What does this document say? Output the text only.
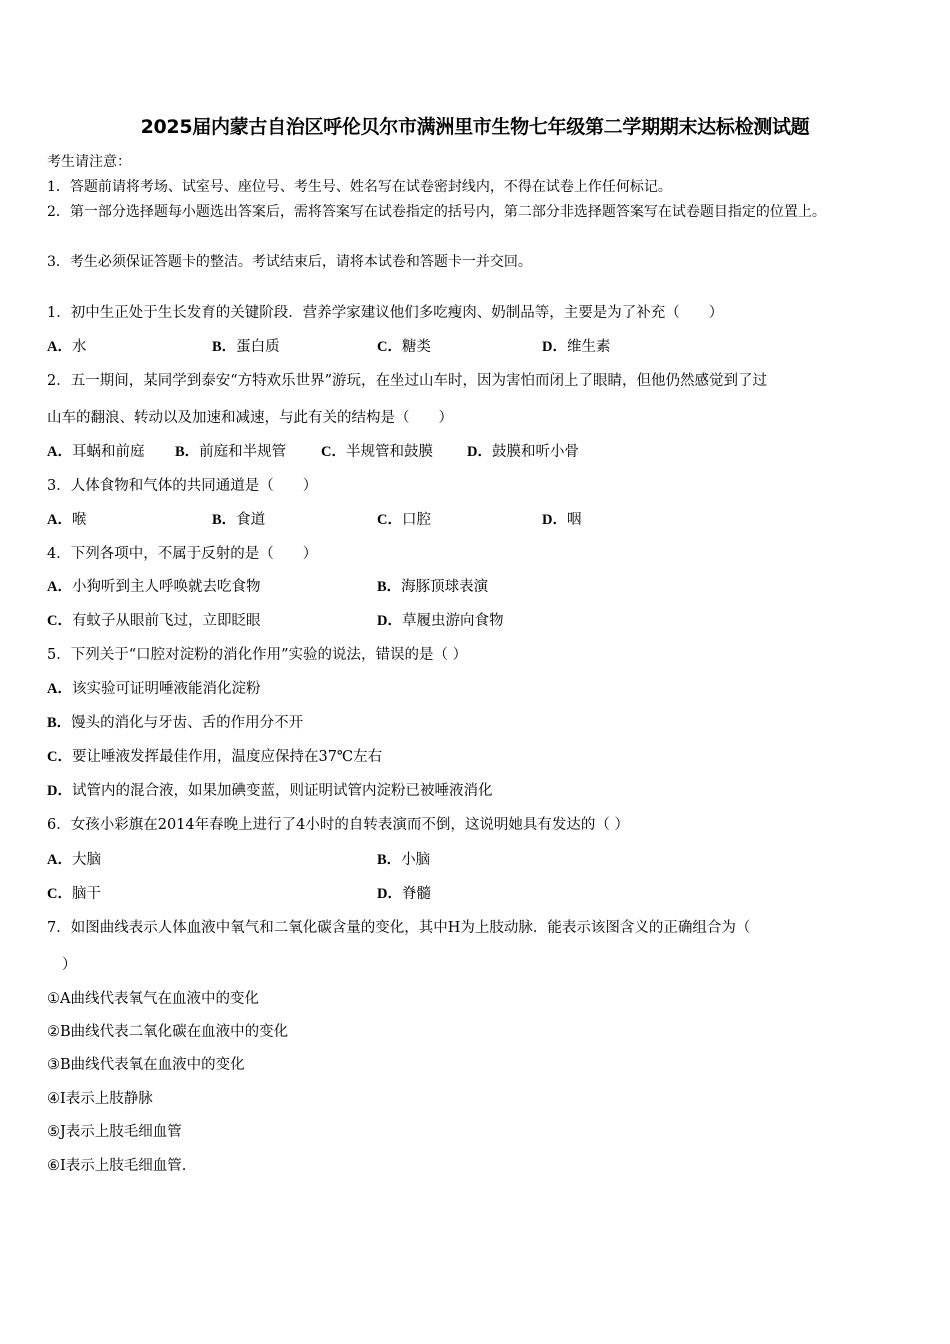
2025届内蒙古自治区呼伦贝尔市满洲里市生物七年级第二学期期末达标检测试题
考生请注意：
1．答题前请将考场、试室号、座位号、考生号、姓名写在试卷密封线内，不得在试卷上作任何标记。
2．第一部分选择题每小题选出答案后，需将答案写在试卷指定的括号内，第二部分非选择题答案写在试卷题目指定的位置上。
3．考生必须保证答题卡的整洁。考试结束后，请将本试卷和答题卡一并交回。
1．初中生正处于生长发育的关键阶段．营养学家建议他们多吃瘦肉、奶制品等，主要是为了补充（　　）
A．水	B．蛋白质	C．糖类	D．维生素
2．五一期间，某同学到泰安“方特欢乐世界”游玩，在坐过山车时，因为害怕而闭上了眼睛，但他仍然感觉到了过
山车的翻浪、转动以及加速和减速，与此有关的结构是（　　）
A．耳蜗和前庭 B．前庭和半规管 C．半规管和鼓膜 D．鼓膜和听小骨
3．人体食物和气体的共同通道是（　　）
A．喉	B．食道	C．口腔	D．咽
4．下列各项中，不属于反射的是（　　）
A．小狗听到主人呼唤就去吃食物	B．海豚顶球表演
C．有蚊子从眼前飞过，立即眨眼	D．草履虫游向食物
5．下列关于“口腔对淀粉的消化作用”实验的说法，错误的是（ ）
A．该实验可证明唾液能消化淀粉
B．馒头的消化与牙齿、舌的作用分不开
C．要让唾液发挥最佳作用，温度应保持在37℃左右
D．试管内的混合液，如果加碘变蓝，则证明试管内淀粉已被唾液消化
6．女孩小彩旗在2014年春晚上进行了4小时的自转表演而不倒，这说明她具有发达的（ ）
A．大脑	B．小脑
C．脑干	D．脊髓
7．如图曲线表示人体血液中氧气和二氧化碳含量的变化，其中H为上肢动脉．能表示该图含义的正确组合为（
）
①A曲线代表氧气在血液中的变化
②B曲线代表二氧化碳在血液中的变化
③B曲线代表氧在血液中的变化
④I表示上肢静脉
⑤J表示上肢毛细血管
⑥I表示上肢毛细血管.
